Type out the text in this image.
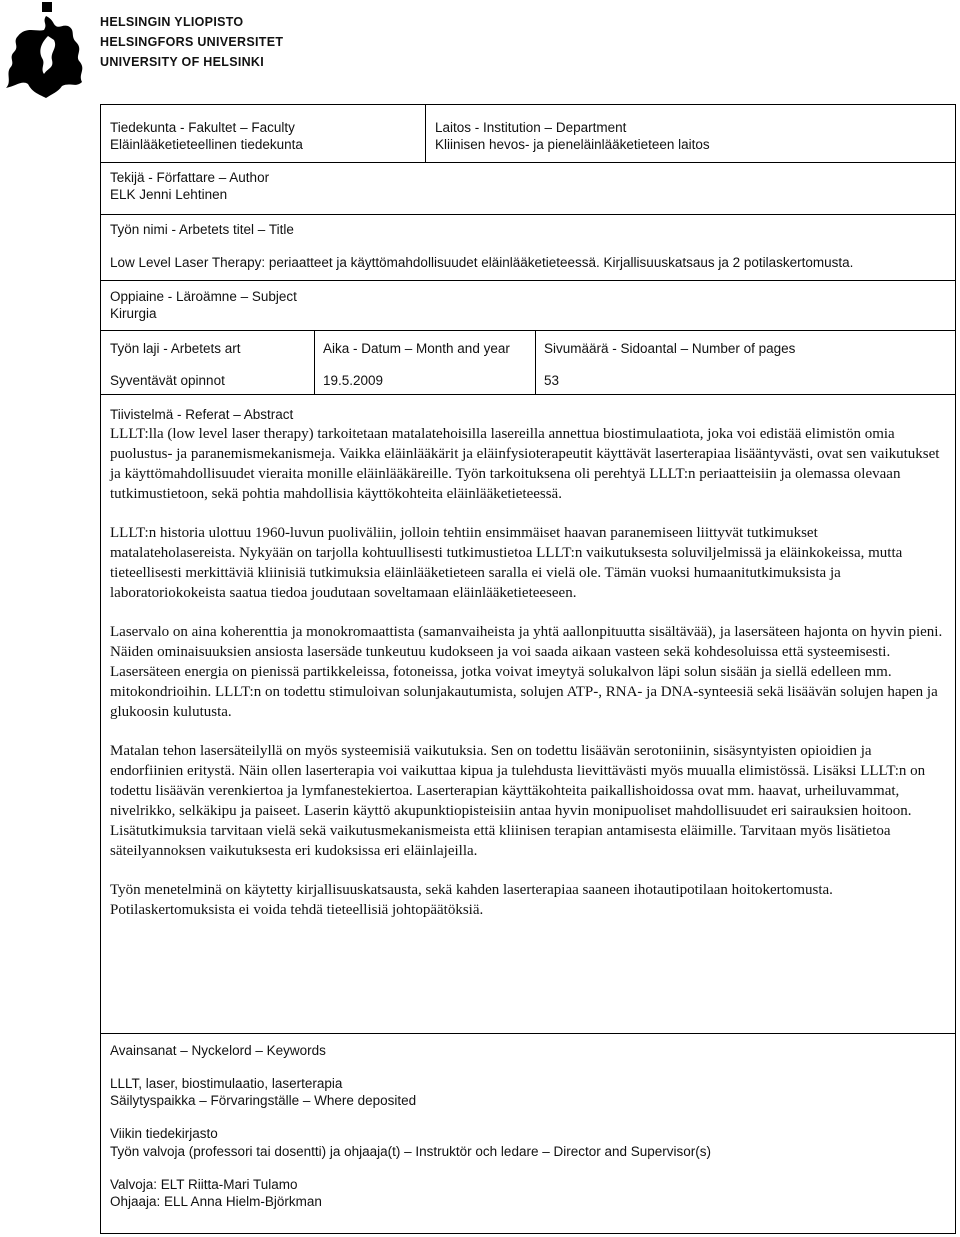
HELSINGIN YLIOPISTO
HELSINGFORS UNIVERSITET
UNIVERSITY OF HELSINKI
Tiedekunta - Fakultet – Faculty
Eläinlääketieteellinen tiedekunta
Laitos - Institution – Department
Kliinisen hevos- ja pieneläinlääketieteen laitos
Tekijä - Författare – Author
ELK Jenni Lehtinen
Työn nimi - Arbetets titel – Title
Low Level Laser Therapy: periaatteet ja käyttömahdollisuudet eläinlääketieteessä. Kirjallisuuskatsaus ja 2 potilaskertomusta.
Oppiaine - Läroämne – Subject
Kirurgia
Työn laji - Arbetets art
Syventävät opinnot
Aika - Datum – Month and year
19.5.2009
Sivumäärä - Sidoantal – Number of pages
53
Tiivistelmä - Referat – Abstract

LLLT:lla (low level laser therapy) tarkoitetaan matalatehoisilla lasereilla annettua biostimulaatiota, joka voi edistää elimistön omia puolustus- ja paranemismekanismeja. Vaikka eläinlääkärit ja eläinfysioterapeutit käyttävät laserterapiaa lisääntyvästi, ovat sen vaikutukset ja käyttömahdollisuudet vieraita monille eläinlääkäreille. Työn tarkoituksena oli perehtyä LLLT:n periaatteisiin ja olemassa olevaan tutkimustietoon, sekä pohtia mahdollisia käyttökohteita eläinlääketieteessä.

LLLT:n historia ulottuu 1960-luvun puoliväliin, jolloin tehtiin ensimmäiset haavan paranemiseen liittyvät tutkimukset matalateholasereista. Nykyään on tarjolla kohtuullisesti tutkimustietoa LLLT:n vaikutuksesta soluviljelmissä ja eläinkokeissa, mutta tieteellisesti merkittäviä kliinisiä tutkimuksia eläinlääketieteen saralla ei vielä ole. Tämän vuoksi humaanitutkimuksista ja laboratoriokokeista saatua tiedoa joudutaan soveltamaan eläinlääketieteeseen.

Laservalo on aina koherenttia ja monokromaattista (samanvaiheista ja yhtä aallonpituutta sisältävää), ja lasersäteen hajonta on hyvin pieni. Näiden ominaisuuksien ansiosta lasersäde tunkeutuu kudokseen ja voi saada aikaan vasteen sekä kohdesoluissa että systeemisesti. Lasersäteen energia on pienissä partikkeleissa, fotoneissa, jotka voivat imeytyä solukalvon läpi solun sisään ja siellä edelleen mm. mitokondrioihin. LLLT:n on todettu stimuloivan solunjakautumista, solujen ATP-, RNA- ja DNA-synteesiä sekä lisäävän solujen hapen ja glukoosin kulutusta.

Matalan tehon lasersäteilyllä on myös systeemisiä vaikutuksia. Sen on todettu lisäävän serotoniinin, sisäsyntyisten opioidien ja endorfiinien eritystä. Näin ollen laserterapia voi vaikuttaa kipua ja tulehdusta lievittävästi myös muualla elimistössä. Lisäksi LLLT:n on todettu lisäävän verenkiertoa ja lymfanestekiertoa. Laserterapian käyttäkohteita paikallishoidossa ovat mm. haavat, urheiluvammat, nivelrikko, selkäkipu ja paiseet. Laserin käyttö akupunktiopisteisiin antaa hyvin monipuoliset mahdollisuudet eri sairauksien hoitoon. Lisätutkimuksia tarvitaan vielä sekä vaikutusmekanismeista että kliinisen terapian antamisesta eläimille. Tarvitaan myös lisätietoa säteilyannoksen vaikutuksesta eri kudoksissa eri eläinlajeilla.

Työn menetelminä on käytetty kirjallisuuskatsausta, sekä kahden laserterapiaa saaneen ihotautipotilaan hoitokertomusta. Potilaskertomuksista ei voida tehdä tieteellisiä johtopäätöksiä.

Avainsanat – Nyckelord – Keywords
LLLT, laser, biostimulaatio, laserterapia
Säilytyspaikka – Förvaringställe – Where deposited
Viikin tiedekirjasto
Työn valvoja (professori tai dosentti) ja ohjaaja(t) – Instruktör och ledare – Director and Supervisor(s)
Valvoja: ELT Riitta-Mari Tulamo
Ohjaaja: ELL Anna Hielm-Björkman
